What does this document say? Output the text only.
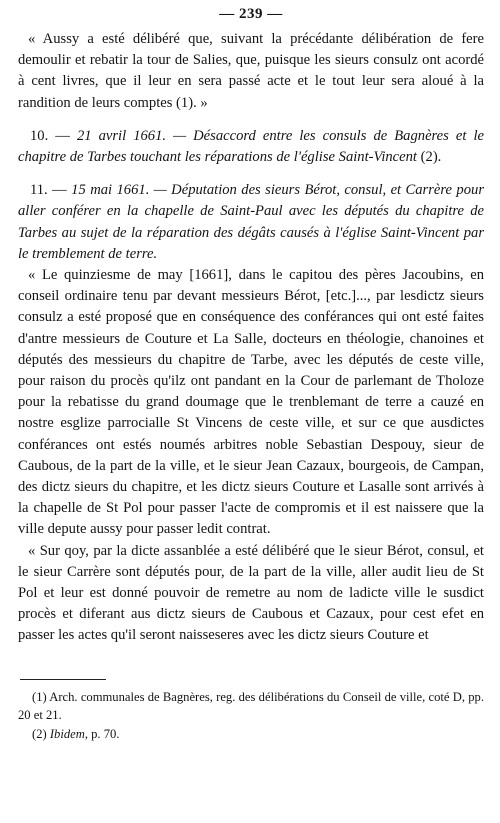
— 239 —

« Aussy a esté délibéré que, suivant la précédante délibération de fere demoulir et rebatir la tour de Salies, que, puisque les sieurs consulz ont acordé à cent livres, que il leur en sera passé acte et le tout leur sera aloué à la randition de leurs comptes (1). »

10. — 21 avril 1661. — Désaccord entre les consuls de Bagnères et le chapitre de Tarbes touchant les réparations de l'église Saint-Vincent (2).

11. — 15 mai 1661. — Députation des sieurs Bérot, consul, et Carrère pour aller conférer en la chapelle de Saint-Paul avec les députés du chapitre de Tarbes au sujet de la réparation des dégâts causés à l'église Saint-Vincent par le tremblement de terre.

« Le quinziesme de may [1661], dans le capitou des pères Jacoubins, en conseil ordinaire tenu par devant messieurs Bérot, [etc.]..., par lesdictz sieurs consulz a esté proposé que en conséquence des conférances qui ont esté faites d'antre messieurs de Couture et La Salle, docteurs en théologie, chanoines et députés des messieurs du chapitre de Tarbe, avec les députés de ceste ville, pour raison du procès qu'ilz ont pandant en la Cour de parlemant de Tholoze pour la rebatisse du grand doumage que le trenblemant de terre a cauzé en nostre esglize parrocialle St Vincens de ceste ville, et sur ce que ausdictes conférances ont estés noumés arbitres noble Sebastian Despouy, sieur de Caubous, de la part de la ville, et le sieur Jean Cazaux, bourgeois, de Campan, des dictz sieurs du chapitre, et les dictz sieurs Couture et Lasalle sont arrivés à la chapelle de St Pol pour passer l'acte de compromis et il est naissere que la ville depute aussy pour passer ledit contrat.

« Sur qoy, par la dicte assanblée a esté délibéré que le sieur Bérot, consul, et le sieur Carrère sont députés pour, de la part de la ville, aller audit lieu de St Pol et leur est donné pouvoir de remetre au nom de ladicte ville le susdict procès et diferant aus dictz sieurs de Caubous et Cazaux, pour cest efet en passer les actes qu'il seront naisseseres avec les dictz sieurs Couture et

(1) Arch. communales de Bagnères, reg. des délibérations du Conseil de ville, coté D, pp. 20 et 21.
(2) Ibidem, p. 70.
